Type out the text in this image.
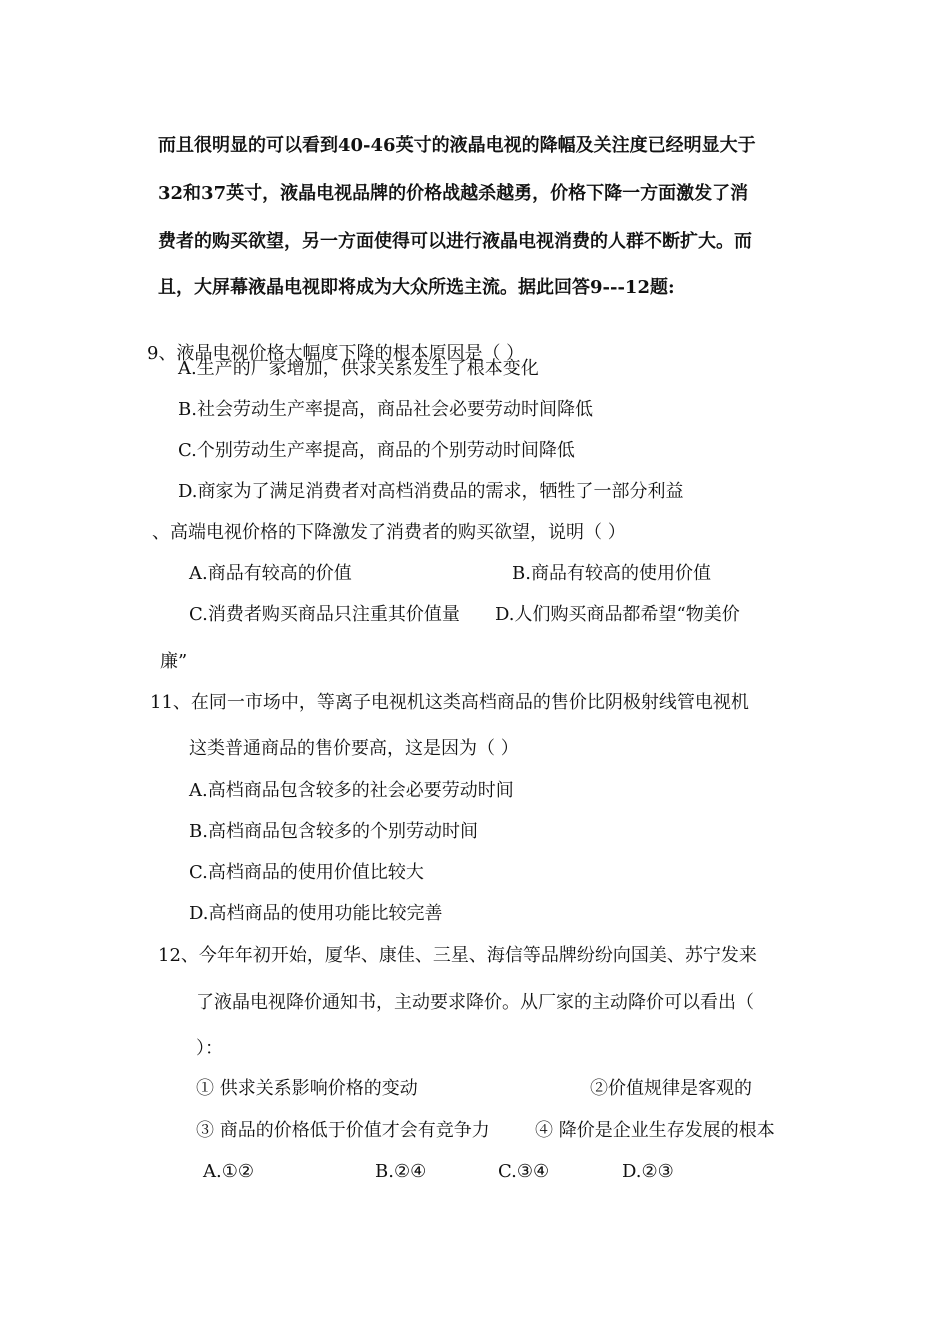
而且很明显的可以看到40-46英寸的液晶电视的降幅及关注度已经明显大于
32和37英寸，液晶电视品牌的价格战越杀越勇，价格下降一方面激发了消
费者的购买欲望，另一方面使得可以进行液晶电视消费的人群不断扩大。而
且，大屏幕液晶电视即将成为大众所选主流。据此回答9---12题:
9、液晶电视价格大幅度下降的根本原因是（ ）
A.生产的厂家增加，供求关系发生了根本变化
B.社会劳动生产率提高，商品社会必要劳动时间降低
C.个别劳动生产率提高，商品的个别劳动时间降低
D.商家为了满足消费者对高档消费品的需求，牺牲了一部分利益
、高端电视价格的下降激发了消费者的购买欲望，说明（ ）
A.商品有较高的价值	B.商品有较高的使用价值
C.消费者购买商品只注重其价值量 D.人们购买商品都希望“物美价
廉”
11、在同一市场中，等离子电视机这类高档商品的售价比阴极射线管电视机
这类普通商品的售价要高，这是因为（ ）
A.高档商品包含较多的社会必要劳动时间
B.高档商品包含较多的个别劳动时间
C.高档商品的使用价值比较大
D.高档商品的使用功能比较完善
12、今年年初开始，厦华、康佳、三星、海信等品牌纷纷向国美、苏宁发来
了液晶电视降价通知书，主动要求降价。从厂家的主动降价可以看出（
）：
① 供求关系影响价格的变动	②价值规律是客观的
③ 商品的价格低于价值才会有竞争力	④ 降价是企业生存发展的根本
A.①②	B.②④	C.③④	D.②③
